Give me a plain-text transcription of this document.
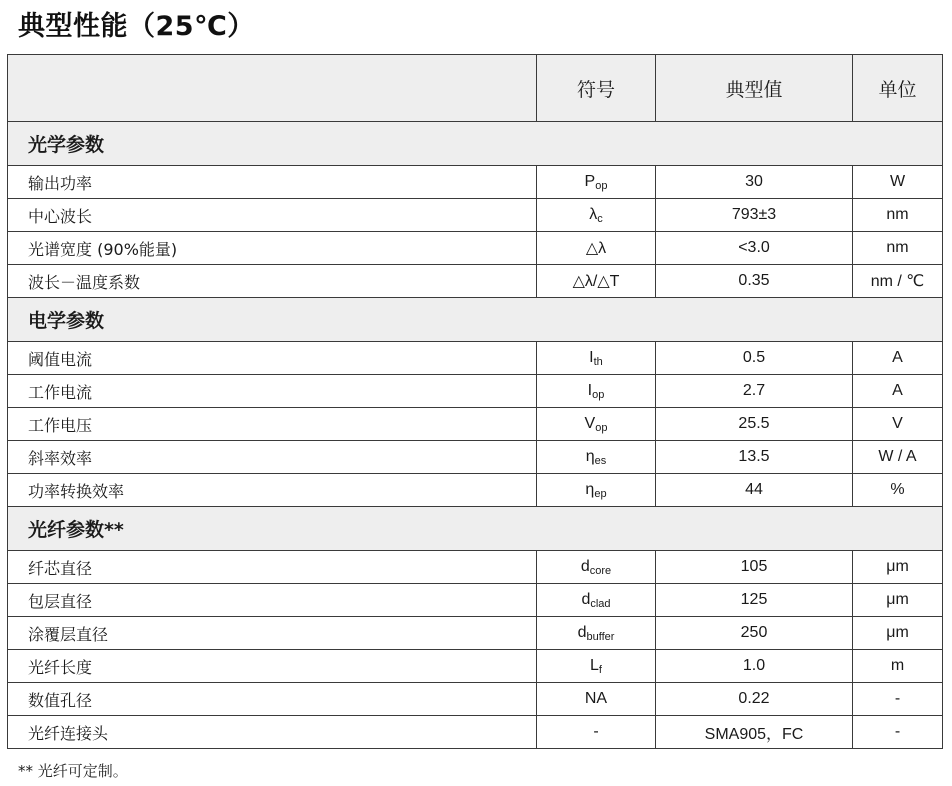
典型性能（25℃）
	符号	典型值	单位
光学参数			
输出功率	$P_{op}$	30	W
中心波长	$\lambda_c$	793±3	nm
光谱宽度 (90%能量)	△λ	<3.0	nm
波长－温度系数	△λ/△T	0.35	nm / ℃
电学参数			
阈值电流	$I_{th}$	0.5	A
工作电流	$I_{op}$	2.7	A
工作电压	$V_{op}$	25.5	V
斜率效率	$\eta_{es}$	13.5	W / A
功率转换效率	$\eta_{ep}$	44	%
光纤参数**			
纤芯直径	$d_{core}$	105	μm
包层直径	$d_{clad}$	125	μm
涂覆层直径	$d_{buffer}$	250	μm
光纤长度	$L_f$	1.0	m
数值孔径	NA	0.22	-
光纤连接头	-	SMA905，FC	-
** 光纤可定制。
